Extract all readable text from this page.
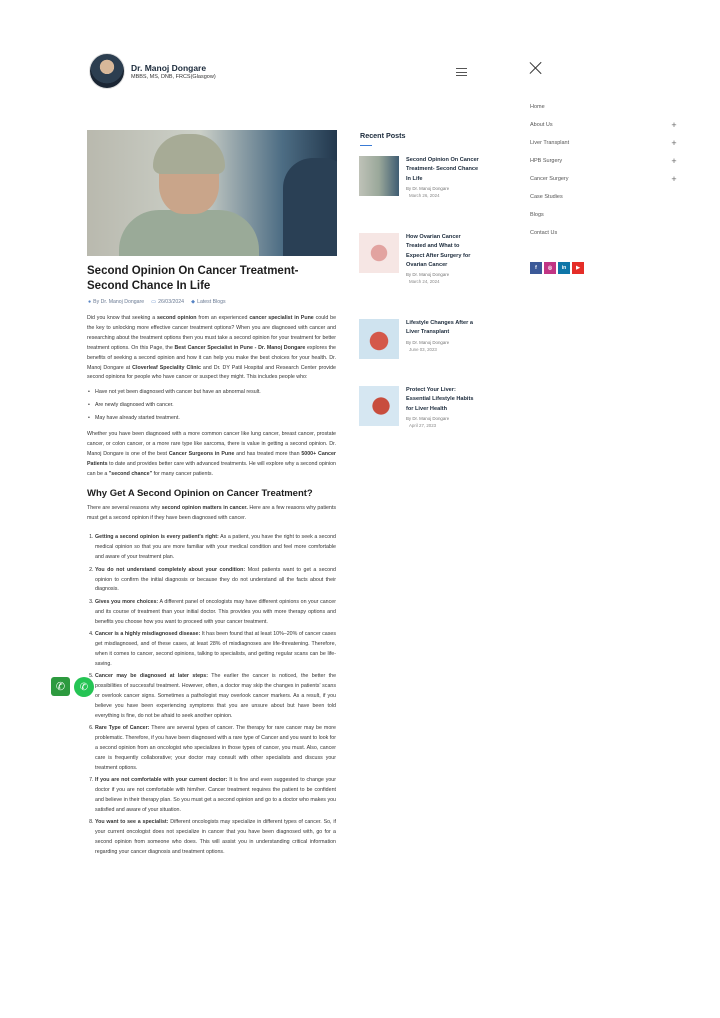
Dr. Manoj Dongare
MBBS, MS, DNB, FRCS(Glasgow)
Home
About Us	+
Liver Transplant	+
HPB Surgery	+
Cancer Surgery	+
Case Studies
Blogs
Contact Us
f	◎	in	▶
Second Opinion On Cancer Treatment- Second Chance In Life
● By Dr. Manoj Dongare ▭ 26/03/2024 ◆ Latest Blogs

Did you know that seeking a second opinion from an experienced cancer specialist in Pune could be the key to unlocking more effective cancer treatment options? When you are diagnosed with cancer and researching about the treatment options then you must take a second opinion for your treatment for better treatment options. On this Page, the Best Cancer Specialist in Pune - Dr. Manoj Dongare explores the benefits of seeking a second opinion and how it can help you make the best choices for your health. Dr. Manoj Dongare at Cloverleaf Speciality Clinic and Dr. DY Patil Hospital and Research Center provide second opinions for people who have cancer or suspect they might. This includes people who:

• Have not yet been diagnosed with cancer but have an abnormal result.
• Are newly diagnosed with cancer.
• May have already started treatment.

Whether you have been diagnosed with a more common cancer like lung cancer, breast cancer, prostate cancer, or colon cancer, or a more rare type like sarcoma, there is value in getting a second opinion. Dr. Manoj Dongare is one of the best Cancer Surgeons in Pune and has treated more than 5000+ Cancer Patients to date and provides better care with advanced treatments. He will explore why a second opinion can be a "second chance" for many cancer patients.

Why Get A Second Opinion on Cancer Treatment?

There are several reasons why second opinion matters in cancer. Here are a few reasons why patients must get a second opinion if they have been diagnosed with cancer.

1. Getting a second opinion is every patient's right: As a patient, you have the right to seek a second medical opinion so that you are more familiar with your medical condition and feel more comfortable and aware of your treatment plan.
2. You do not understand completely about your condition: Most patients want to get a second opinion to confirm the initial diagnosis or because they do not understand all the facts about their diagnosis.
3. Gives you more choices: A different panel of oncologists may have different opinions on your cancer and its course of treatment than your initial doctor. This provides you with more therapy options and benefits you choose how you want to proceed with your cancer treatment.
4. Cancer is a highly misdiagnosed disease: It has been found that at least 10%–20% of cancer cases get misdiagnosed, and of these cases, at least 28% of misdiagnoses are life-threatening. Therefore, when it comes to cancer, second opinions, talking to specialists, and getting regular scans can be life-saving.
5. Cancer may be diagnosed at later steps: The earlier the cancer is noticed, the better the possibilities of successful treatment. However, often, a doctor may skip the changes in patients' scans or overlook cancer signs. Sometimes a pathologist may overlook cancer markers. As a result, if you believe you have been experiencing symptoms that you are unsure about but have been told everything is fine, do not be afraid to seek another opinion.
6. Rare Type of Cancer: There are several types of cancer. The therapy for rare cancer may be more problematic. Therefore, if you have been diagnosed with a rare type of Cancer and you want to look for a second opinion from an oncologist who specializes in those types of cancer, you must. Also, cancer care is frequently collaborative; your doctor may consult with other specialists and discuss your treatment options.
7. If you are not comfortable with your current doctor: It is fine and even suggested to change your doctor if you are not comfortable with him/her. Cancer treatment requires the patient to be confident and believe in their therapy plan. So you must get a second opinion and go to a doctor who makes you satisfied and aware of your situation.
8. You want to see a specialist: Different oncologists may specialize in different types of cancer. So, if your current oncologist does not specialize in cancer that you have been diagnosed with, go for a second opinion from someone who does. This will assist you in understanding critical information regarding your cancer diagnosis and treatment options.
Recent Posts
Second Opinion On Cancer Treatment- Second Chance In Life
By Dr. Manoj Dongare
March 26, 2024
How Ovarian Cancer Treated and What to Expect After Surgery for Ovarian Cancer
By Dr. Manoj Dongare
March 24, 2024
Lifestyle Changes After a Liver Transplant
By Dr. Manoj Dongare
June 03, 2023
Protect Your Liver: Essential Lifestyle Habits for Liver Health
By Dr. Manoj Dongare
April 27, 2023
✆	✆
